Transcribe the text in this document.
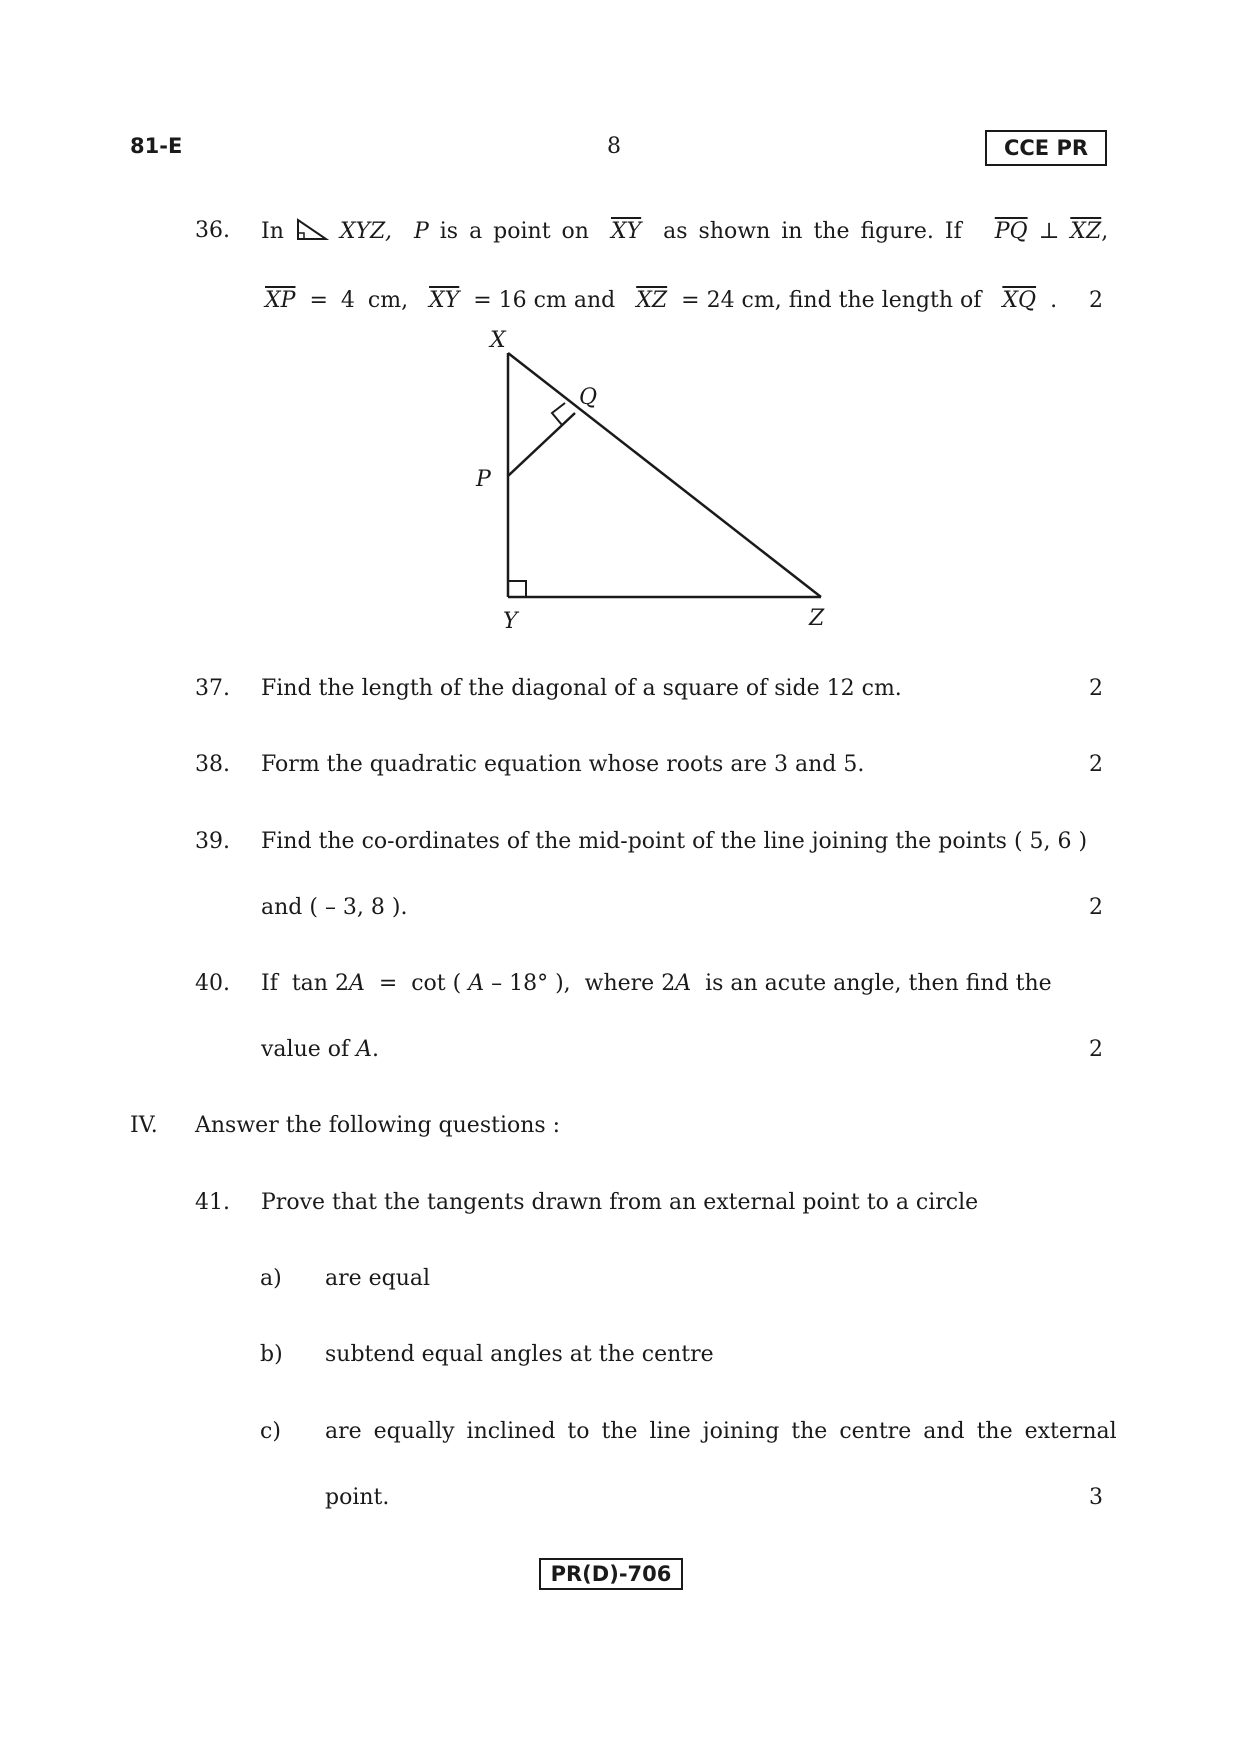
81-E	8	CCE PR
36.	In	XYZ, P is a point on $\overline{XY}$ as shown in the figure. If $\overline{PQ}$ ⊥ $\overline{XZ}$,
$\overline{XP} = 4$ cm, $\overline{XY} = 16$ cm and $\overline{XZ} = 24$ cm, find the length of $\overline{XQ}$ . 2
X
Q
P
Y	Z
37.	Find the length of the diagonal of a square of side 12 cm.	2
38.	Form the quadratic equation whose roots are 3 and 5.	2
39.	Find the co-ordinates of the mid-point of the line joining the points ( 5, 6 )
and ( – 3, 8 ).	2
40.	If  tan 2A  =  cot ( A – 18° ),  where 2A  is an acute angle, then find the
value of A.	2
IV. Answer the following questions :
41.	Prove that the tangents drawn from an external point to a circle
a) are equal
b) subtend equal angles at the centre
c) are equally inclined to the line joining the centre and the external
point.	3
PR(D)-706
